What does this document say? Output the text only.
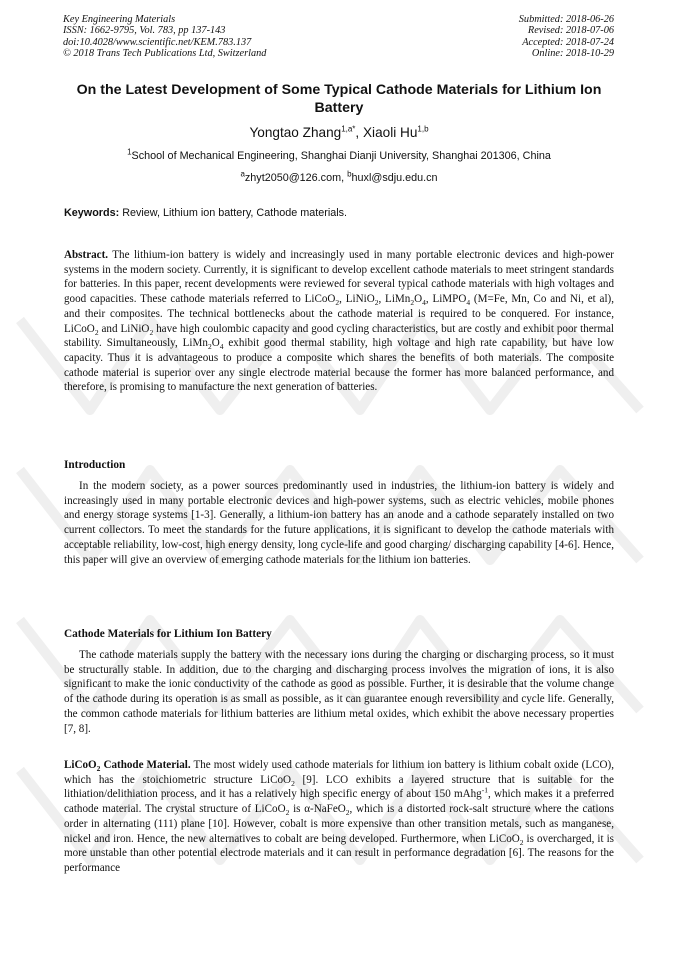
Key Engineering Materials
ISSN: 1662-9795, Vol. 783, pp 137-143
doi:10.4028/www.scientific.net/KEM.783.137
© 2018 Trans Tech Publications Ltd, Switzerland
Submitted: 2018-06-26
Revised: 2018-07-06
Accepted: 2018-07-24
Online: 2018-10-29
On the Latest Development of Some Typical Cathode Materials for Lithium Ion Battery
Yongtao Zhang$^{1,a*}$, Xiaoli Hu$^{1,b}$
$^1$School of Mechanical Engineering, Shanghai Dianji University, Shanghai 201306, China
$^a$zhyt2050@126.com, $^b$huxl@sdju.edu.cn
Keywords: Review, Lithium ion battery, Cathode materials.

Abstract. The lithium-ion battery is widely and increasingly used in many portable electronic devices and high-power systems in the modern society. Currently, it is significant to develop excellent cathode materials to meet stringent standards for batteries. In this paper, recent developments were reviewed for several typical cathode materials with high voltages and good capacities. These cathode materials referred to LiCoO$_2$, LiNiO$_2$, $LiMn_2O_4$, LiMPO$_4$ (M=Fe, Mn, Co and Ni, et al), and their composites. The technical bottlenecks about the cathode material is required to be conquered. For instance, LiCoO$_2$ and LiNiO$_2$ have high coulombic capacity and good cycling characteristics, but are costly and exhibit poor thermal stability. Simultaneously, $LiMn_2O_4$ exhibit good thermal stability, high voltage and high rate capability, but have low capacity. Thus it is advantageous to produce a composite which shares the benefits of both materials. The composite cathode material is superior over any single electrode material because the former has more balanced performance, and therefore, is promising to manufacture the next generation of batteries.

Introduction

In the modern society, as a power sources predominantly used in industries, the lithium-ion battery is widely and increasingly used in many portable electronic devices and high-power systems, such as electric vehicles, mobile phones and energy storage systems [1-3]. Generally, a lithium-ion battery has an anode and a cathode separately installed on two current collectors. To meet the standards for the future applications, it is significant to develop the cathode materials with acceptable reliability, low-cost, high energy density, long cycle-life and good charging/ discharging capability [4-6]. Hence, this paper will give an overview of emerging cathode materials for the lithium ion batteries.

Cathode Materials for Lithium Ion Battery

The cathode materials supply the battery with the necessary ions during the charging or discharging process, so it must be structurally stable. In addition, due to the charging and discharging process involves the migration of ions, it is also significant to make the ionic conductivity of the cathode as good as possible. Further, it is desirable that the volume change of the cathode during its operation is as small as possible, as it can guarantee enough reversibility and cycle life. Generally, the common cathode materials for lithium batteries are lithium metal oxides, which exhibit the above necessary properties [7, 8].

LiCoO$_2$ Cathode Material. The most widely used cathode materials for lithium ion battery is lithium cobalt oxide (LCO), which has the stoichiometric structure LiCoO$_2$ [9]. LCO exhibits a layered structure that is suitable for the lithiation/delithiation process, and it has a relatively high specific energy of about 150 mAhg$^{-1}$, which makes it a preferred cathode material. The crystal structure of LiCoO$_2$ is α-NaFeO$_2$, which is a distorted rock-salt structure where the cations order in alternating (111) plane [10]. However, cobalt is more expensive than other transition metals, such as manganese, nickel and iron. Hence, the new alternatives to cobalt are being developed. Furthermore, when LiCoO$_2$ is overcharged, it is more unstable than other potential electrode materials and it can result in performance degradation [6]. The reasons for the performance
